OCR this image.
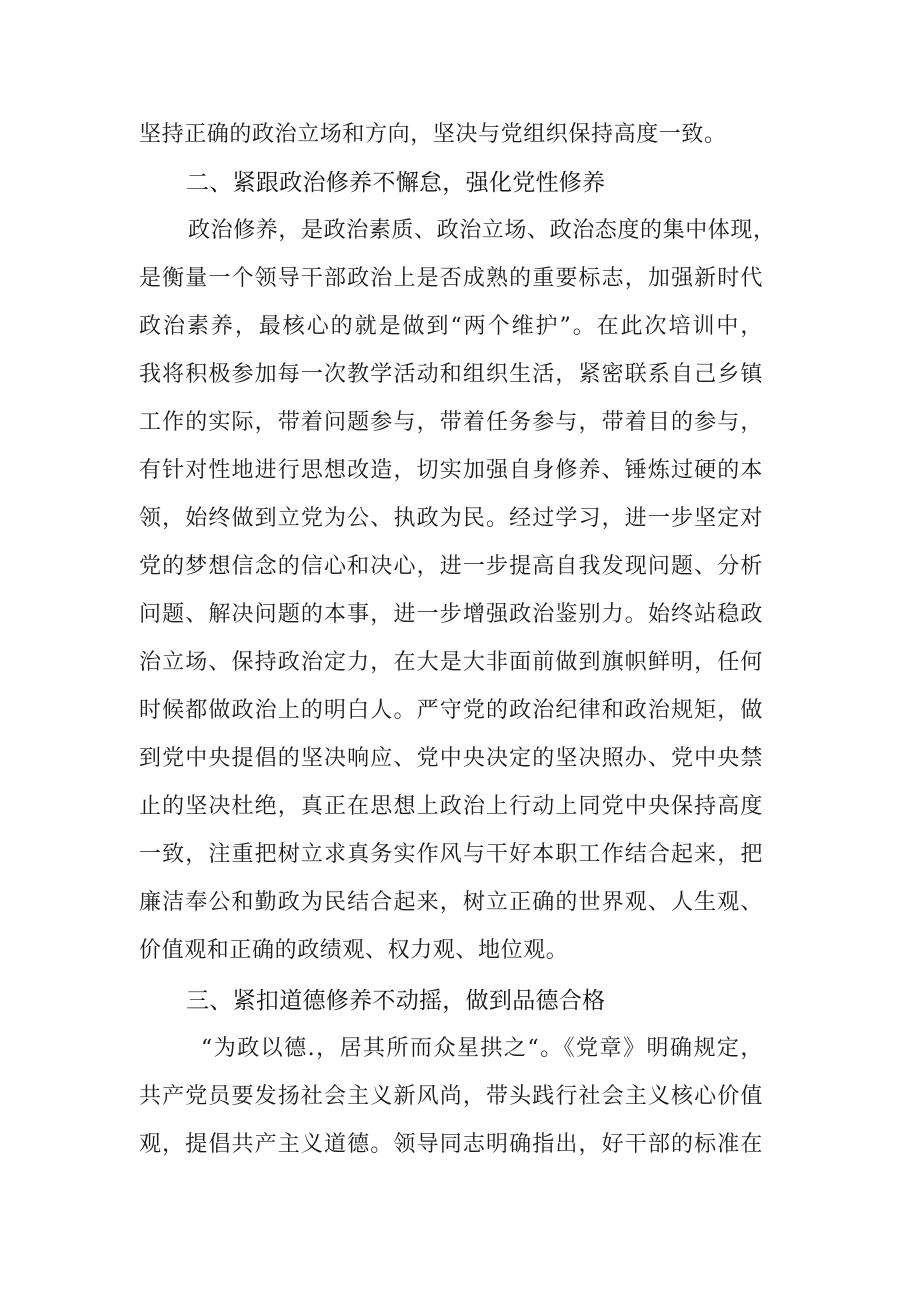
坚持正确的政治立场和方向，坚决与党组织保持高度一致。
二、紧跟政治修养不懈怠，强化党性修养
政治修养，是政治素质、政治立场、政治态度的集中体现，
是衡量一个领导干部政治上是否成熟的重要标志，加强新时代
政治素养，最核心的就是做到“两个维护”。在此次培训中，
我将积极参加每一次教学活动和组织生活，紧密联系自己乡镇
工作的实际，带着问题参与，带着任务参与，带着目的参与，
有针对性地进行思想改造，切实加强自身修养、锤炼过硬的本
领，始终做到立党为公、执政为民。经过学习，进一步坚定对
党的梦想信念的信心和决心，进一步提高自我发现问题、分析
问题、解决问题的本事，进一步增强政治鉴别力。始终站稳政
治立场、保持政治定力，在大是大非面前做到旗帜鲜明，任何
时候都做政治上的明白人。严守党的政治纪律和政治规矩，做
到党中央提倡的坚决响应、党中央决定的坚决照办、党中央禁
止的坚决杜绝，真正在思想上政治上行动上同党中央保持高度
一致，注重把树立求真务实作风与干好本职工作结合起来，把
廉洁奉公和勤政为民结合起来，树立正确的世界观、人生观、
价值观和正确的政绩观、权力观、地位观。
三、紧扣道德修养不动摇，做到品德合格
“为政以德.，居其所而众星拱之“。《党章》明确规定，
共产党员要发扬社会主义新风尚，带头践行社会主义核心价值
观，提倡共产主义道德。领导同志明确指出，好干部的标准在
